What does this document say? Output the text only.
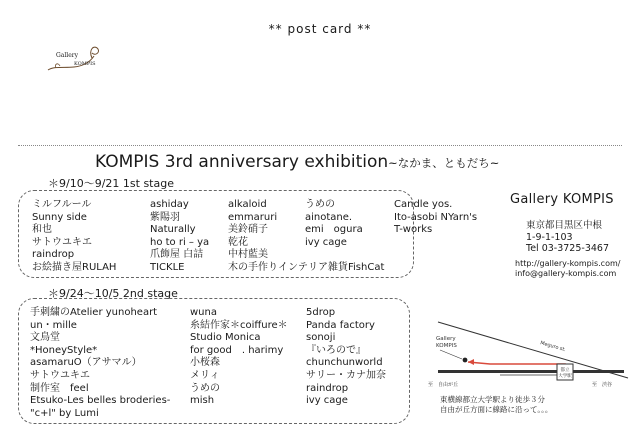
** post card **
Gallery
KOMPIS
KOMPIS 3rd anniversary exhibition~なかま、ともだち~
＊9/10〜9/21 1st stage
ミルフルール
Sunny side
和也
サトウユキエ
raindrop
お絵描き屋RULAH
ashiday
紫陽羽
Naturally
ho to ri – ya
爪飾屋 白詰
TICKLE
alkaloid
emmaruri
美鈴硝子
乾花
中村藍美
木の手作りインテリア雑貨FishCat
うめの
ainotane.
emi　ogura
ivy cage
Candle yos.
Ito-asobi NYarn's
T-works
＊9/24〜10/5 2nd stage
手刺繍のAtelier yunoheart
un・mille
文鳥堂
*HoneyStyle*
asamaruO（アサマル）
サトウユキエ
制作室　feel
Etsuko-Les belles broderies-
"c+l" by Lumi
wuna
糸結作家＊coiffure＊
Studio Monica
for good　. harimy
小桜森
メリィ
うめの
mish
5drop
Panda factory
sonoji
『いろので』
chunchunworld
サリー・カナ加奈
raindrop
ivy cage
Gallery KOMPIS
東京都目黒区中根
1-9-1-103
Tel 03-3725-3467
http://gallery-kompis.com/
info@gallery-kompis.com
Meguro st.
Gallery
KOMPIS
都立
大学駅
至　自由が丘	至　渋谷
東横線都立大学駅より徒歩３分
自由が丘方面に線路に沿って。。。
